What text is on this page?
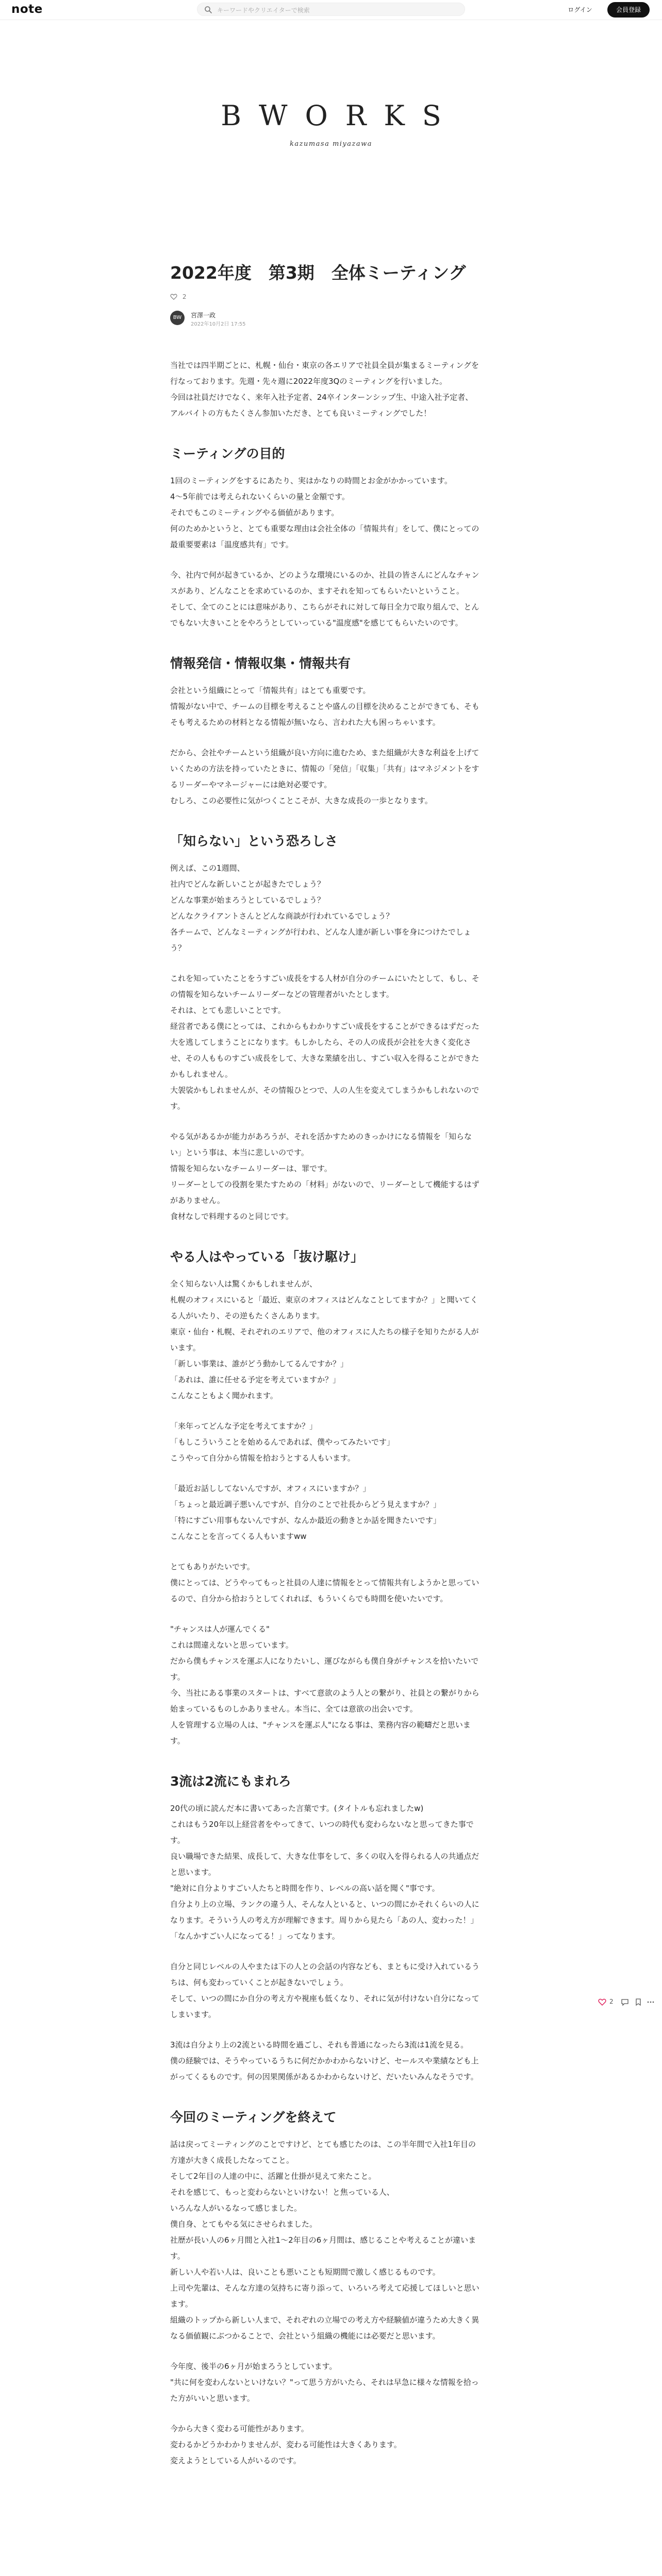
note
キーワードやクリエイターで検索	ログイン	会員登録
BWORKS
kazumasa miyazawa
2022年度　第3期　全体ミーティング
2
BW	宮澤一政
2022年10月2日 17:55

当社では四半期ごとに、札幌・仙台・東京の各エリアで社員全員が集まるミーティングを行なっております。先週・先々週に2022年度3Qのミーティングを行いました。
今回は社員だけでなく、来年入社予定者、24卒インターンシップ生、中途入社予定者、アルバイトの方もたくさん参加いただき、とても良いミーティングでした！

ミーティングの目的

1回のミーティングをするにあたり、実はかなりの時間とお金がかかっています。
4〜5年前では考えられないくらいの量と金額です。
それでもこのミーティングやる価値があります。
何のためかというと、とても重要な理由は会社全体の「情報共有」をして、僕にとっての最重要要素は「温度感共有」です。

今、社内で何が起きているか、どのような環境にいるのか、社員の皆さんにどんなチャンスがあり、どんなことを求めているのか、ますそれを知ってもらいたいということ。
そして、全てのことには意味があり、こちらがそれに対して毎日全力で取り組んで、とんでもない大きいことをやろうとしていっている"温度感"を感じてもらいたいのです。

情報発信・情報収集・情報共有

会社という組織にとって「情報共有」はとても重要です。
情報がない中で、チームの目標を考えることや盛んの目標を決めることができても、そもそも考えるための材料となる情報が無いなら、言われた大も困っちゃいます。

だから、会社やチームという組織が良い方向に進むため、また組織が大きな利益を上げていくための方法を持っていたときに、情報の「発信」「収集」「共有」はマネジメントをするリーダーやマネージャーには絶対必要です。
むしろ、この必要性に気がつくことこそが、大きな成長の一歩となります。

「知らない」という恐ろしさ

例えば、この1週間、
社内でどんな新しいことが起きたでしょう？
どんな事業が始まろうとしているでしょう？
どんなクライアントさんとどんな商談が行われているでしょう？
各チームで、どんなミーティングが行われ、どんな人達が新しい事を身につけたでしょう？

これを知っていたことをうすごい成長をする人材が自分のチームにいたとして、もし、その情報を知らないチームリーダーなどの管理者がいたとします。
それは、とても悲しいことです。
経営者である僕にとっては、これからもわかりすごい成長をすることができるはずだった大を逃してしまうことになります。もしかしたら、その人の成長が会社を大きく変化させ、その人もものすごい成長をして、大きな業績を出し、すごい収入を得ることができたかもしれません。
大袈裟かもしれませんが、その情報ひとつで、人の人生を変えてしまうかもしれないのです。

やる気があるかが能力があろうが、それを活かすためのきっかけになる情報を「知らない」という事は、本当に悲しいのです。
情報を知らないなチームリーダーは、罪です。
リーダーとしての役割を果たすための「材料」がないので、リーダーとして機能するはずがありません。
食材なしで料理するのと同じです。

やる人はやっている「抜け駆け」

全く知らない人は驚くかもしれませんが、
札幌のオフィスにいると「最近、東京のオフィスはどんなことしてますか？」と聞いてくる人がいたり、その逆もたくさんあります。
東京・仙台・札幌、それぞれのエリアで、他のオフィスに人たちの様子を知りたがる人がいます。
「新しい事業は、誰がどう動かしてるんですか？」
「あれは、誰に任せる予定を考えていますか？」
こんなこともよく聞かれます。

「来年ってどんな予定を考えてますか？」
「もしこういうことを始めるんであれば、僕やってみたいです」
こうやって自分から情報を拾おうとする人もいます。

「最近お話ししてないんですが、オフィスにいますか？」
「ちょっと最近調子悪いんですが、自分のことで社長からどう見えますか？」
「特にすごい用事もないんですが、なんか最近の動きとか話を聞きたいです」
こんなことを言ってくる人もいますww

とてもありがたいです。
僕にとっては、どうやってもっと社員の人達に情報をとって情報共有しようかと思っているので、自分から拾おうとしてくれれば、もういくらでも時間を使いたいです。

"チャンスは人が運んでくる"
これは間違えないと思っています。
だから僕もチャンスを運ぶ人になりたいし、運びながらも僕自身がチャンスを拾いたいです。
今、当社にある事業のスタートは、すべて意欲のよう人との繋がり、社員との繋がりから始まっているものしかありません。本当に、全ては意欲の出会いです。
人を管理する立場の人は、"チャンスを運ぶ人"になる事は、業務内容の範疇だと思います。

3流は2流にもまれろ

20代の頃に読んだ本に書いてあった言葉です。(タイトルも忘れましたw)
これはもう20年以上経営者をやってきて、いつの時代も変わらないなと思ってきた事です。
良い職場できた結果、成長して、大きな仕事をして、多くの収入を得られる人の共通点だと思います。
"絶対に自分よりすごい人たちと時間を作り、レベルの高い話を聞く"事です。
自分より上の立場、ランクの違う人、そんな人といると、いつの間にかそれくらいの人になります。そういう人の考え方が理解できます。周りから見たら「あの人、変わった！」「なんかすごい人になってる！」ってなります。

自分と同じレベルの人やまたは下の人との会話の内容なども、まともに受け入れているうちは、何も変わっていくことが起きないでしょう。
そして、いつの間にか自分の考え方や視座も低くなり、それに気が付けない自分になってしまいます。

3流は自分より上の2流といる時間を過ごし、それも普通になったら3流は1流を見る。
僕の経験では、そうやっているうちに何だかかわからないけど、セールスや業績なども上がってくるものです。何の因果関係があるかわからないけど、だいたいみんなそうです。

今回のミーティングを終えて

話は戻ってミーティングのことですけど、とても感じたのは、この半年間で入社1年目の方達が大きく成長したなってこと。
そして2年目の人達の中に、活躍と仕掛が見えて来たこと。
それを感じて、もっと変わらないといけない！と焦っている人、
いろんな人がいるなって感じました。
僕自身、とてもやる気にさせられました。
社歴が長い人の6ヶ月間と入社1〜2年目の6ヶ月間は、感じることや考えることが違います。
新しい人や若い人は、良いことも悪いことも短期間で激しく感じるものです。
上司や先輩は、そんな方達の気持ちに寄り添って、いろいろ考えて応援してほしいと思います。
組織のトップから新しい人まで、それぞれの立場での考え方や経験値が違うため大きく異なる価値観にぶつかることで、会社という組織の機能には必要だと思います。

今年度、後半の6ヶ月が始まろうとしています。
"共に何を変わんないといけない？"って思う方がいたら、それは早急に様々な情報を拾った方がいいと思います。

今から大きく変わる可能性があります。
変わるかどうかわかりませんが、変わる可能性は大きくあります。
変えようとしている人がいるのです。

2
